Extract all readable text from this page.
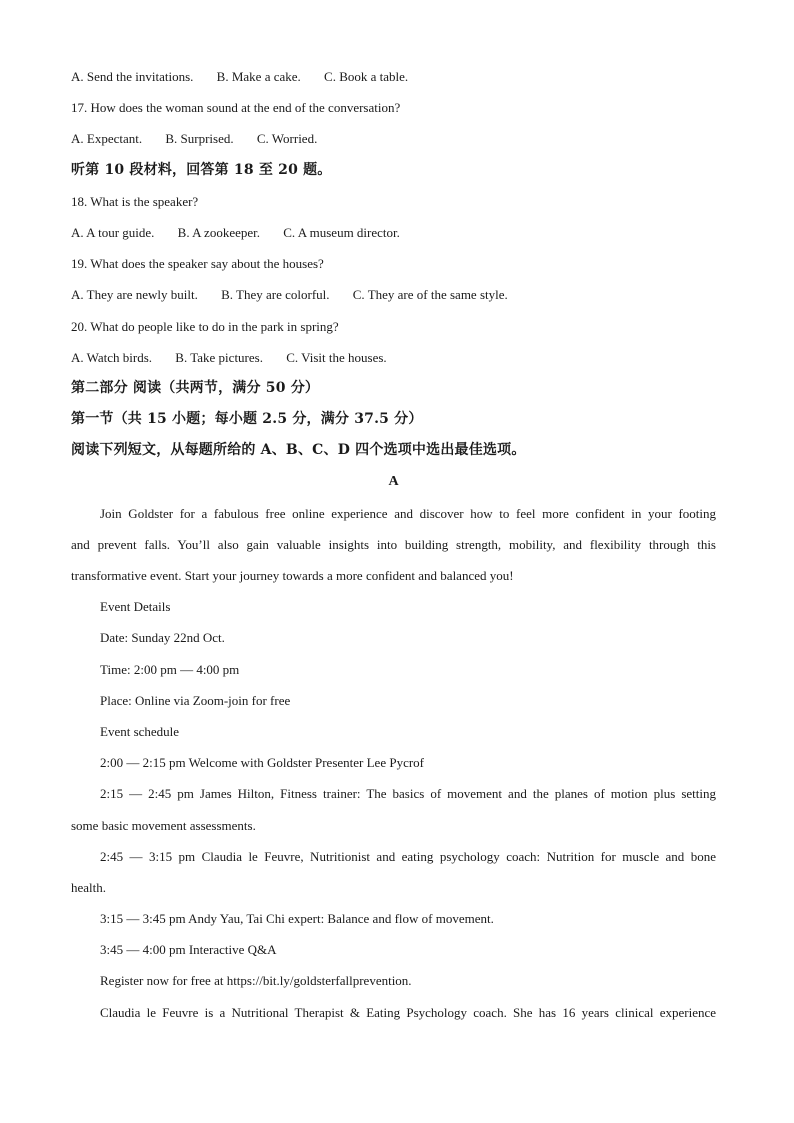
A. Send the invitations. B. Make a cake. C. Book a table.
17. How does the woman sound at the end of the conversation?
A. Expectant. B. Surprised. C. Worried.
听第 10 段材料，回答第 18 至 20 题。
18. What is the speaker?
A. A tour guide. B. A zookeeper. C. A museum director.
19. What does the speaker say about the houses?
A. They are newly built. B. They are colorful. C. They are of the same style.
20. What do people like to do in the park in spring?
A. Watch birds. B. Take pictures. C. Visit the houses.
第二部分 阅读（共两节，满分 50 分）
第一节（共 15 小题；每小题 2.5 分，满分 37.5 分）
阅读下列短文，从每题所给的 A、B、C、D 四个选项中选出最佳选项。
A
Join Goldster for a fabulous free online experience and discover how to feel more confident in your footing
and prevent falls. You’ll also gain valuable insights into building strength, mobility, and flexibility through this
transformative event. Start your journey towards a more confident and balanced you!
Event Details
Date: Sunday 22nd Oct.
Time: 2:00 pm — 4:00 pm
Place: Online via Zoom-join for free
Event schedule
2:00 — 2:15 pm Welcome with Goldster Presenter Lee Pycrof
2:15 — 2:45 pm James Hilton, Fitness trainer: The basics of movement and the planes of motion plus setting
some basic movement assessments.
2:45 — 3:15 pm Claudia le Feuvre, Nutritionist and eating psychology coach: Nutrition for muscle and bone
health.
3:15 — 3:45 pm Andy Yau, Tai Chi expert: Balance and flow of movement.
3:45 — 4:00 pm Interactive Q&A
Register now for free at https://bit.ly/goldsterfallprevention.
Claudia le Feuvre is a Nutritional Therapist & Eating Psychology coach. She has 16 years clinical experience
